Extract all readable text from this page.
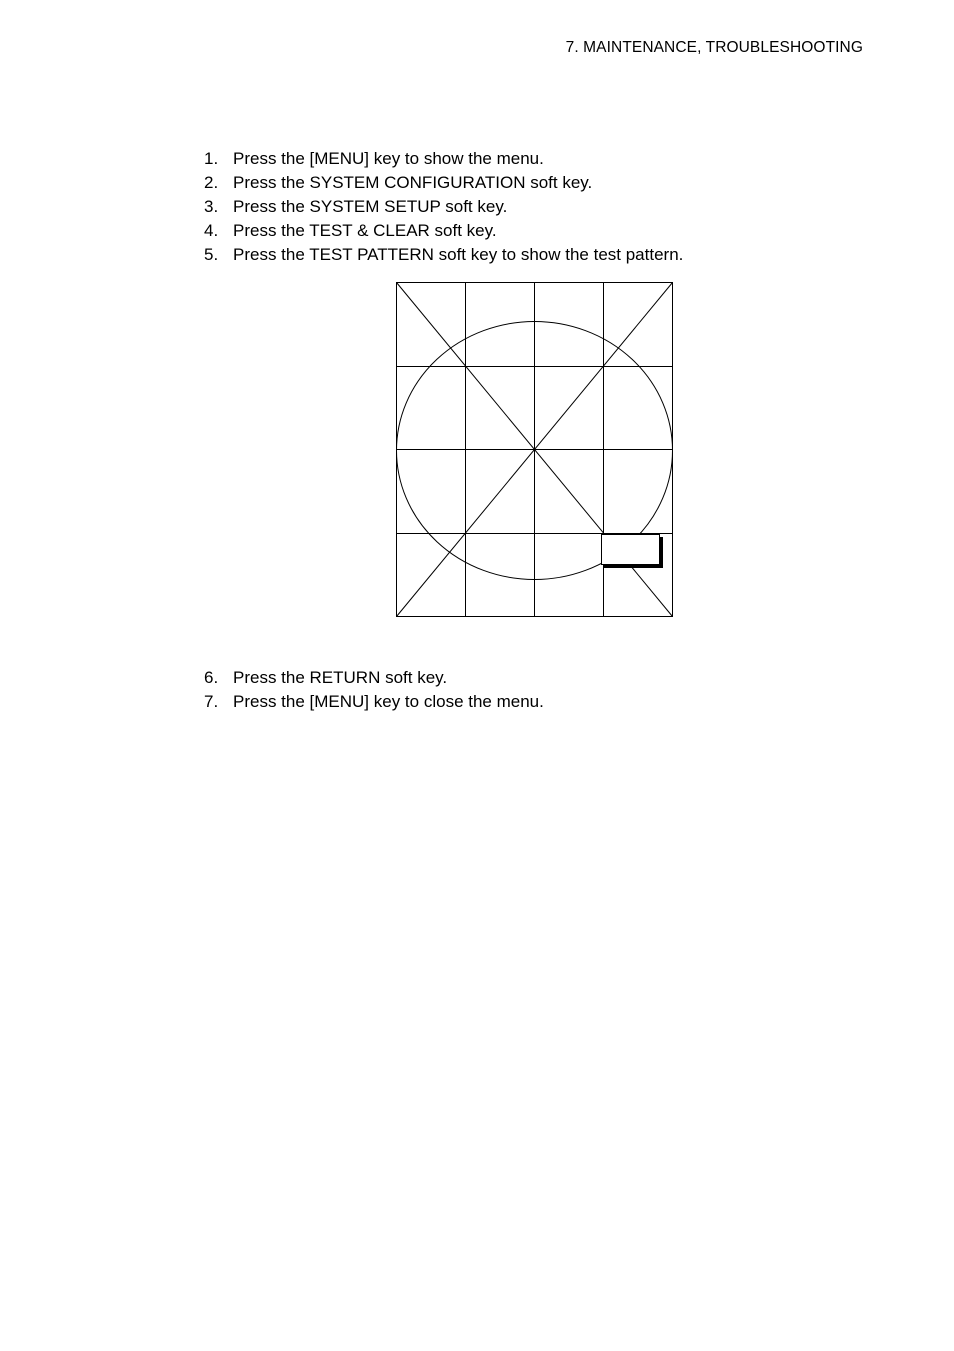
7. MAINTENANCE, TROUBLESHOOTING
1. Press the [MENU] key to show the menu.
2. Press the SYSTEM CONFIGURATION soft key.
3. Press the SYSTEM SETUP soft key.
4. Press the TEST & CLEAR soft key.
5. Press the TEST PATTERN soft key to show the test pattern.
6. Press the RETURN soft key.
7. Press the [MENU] key to close the menu.
